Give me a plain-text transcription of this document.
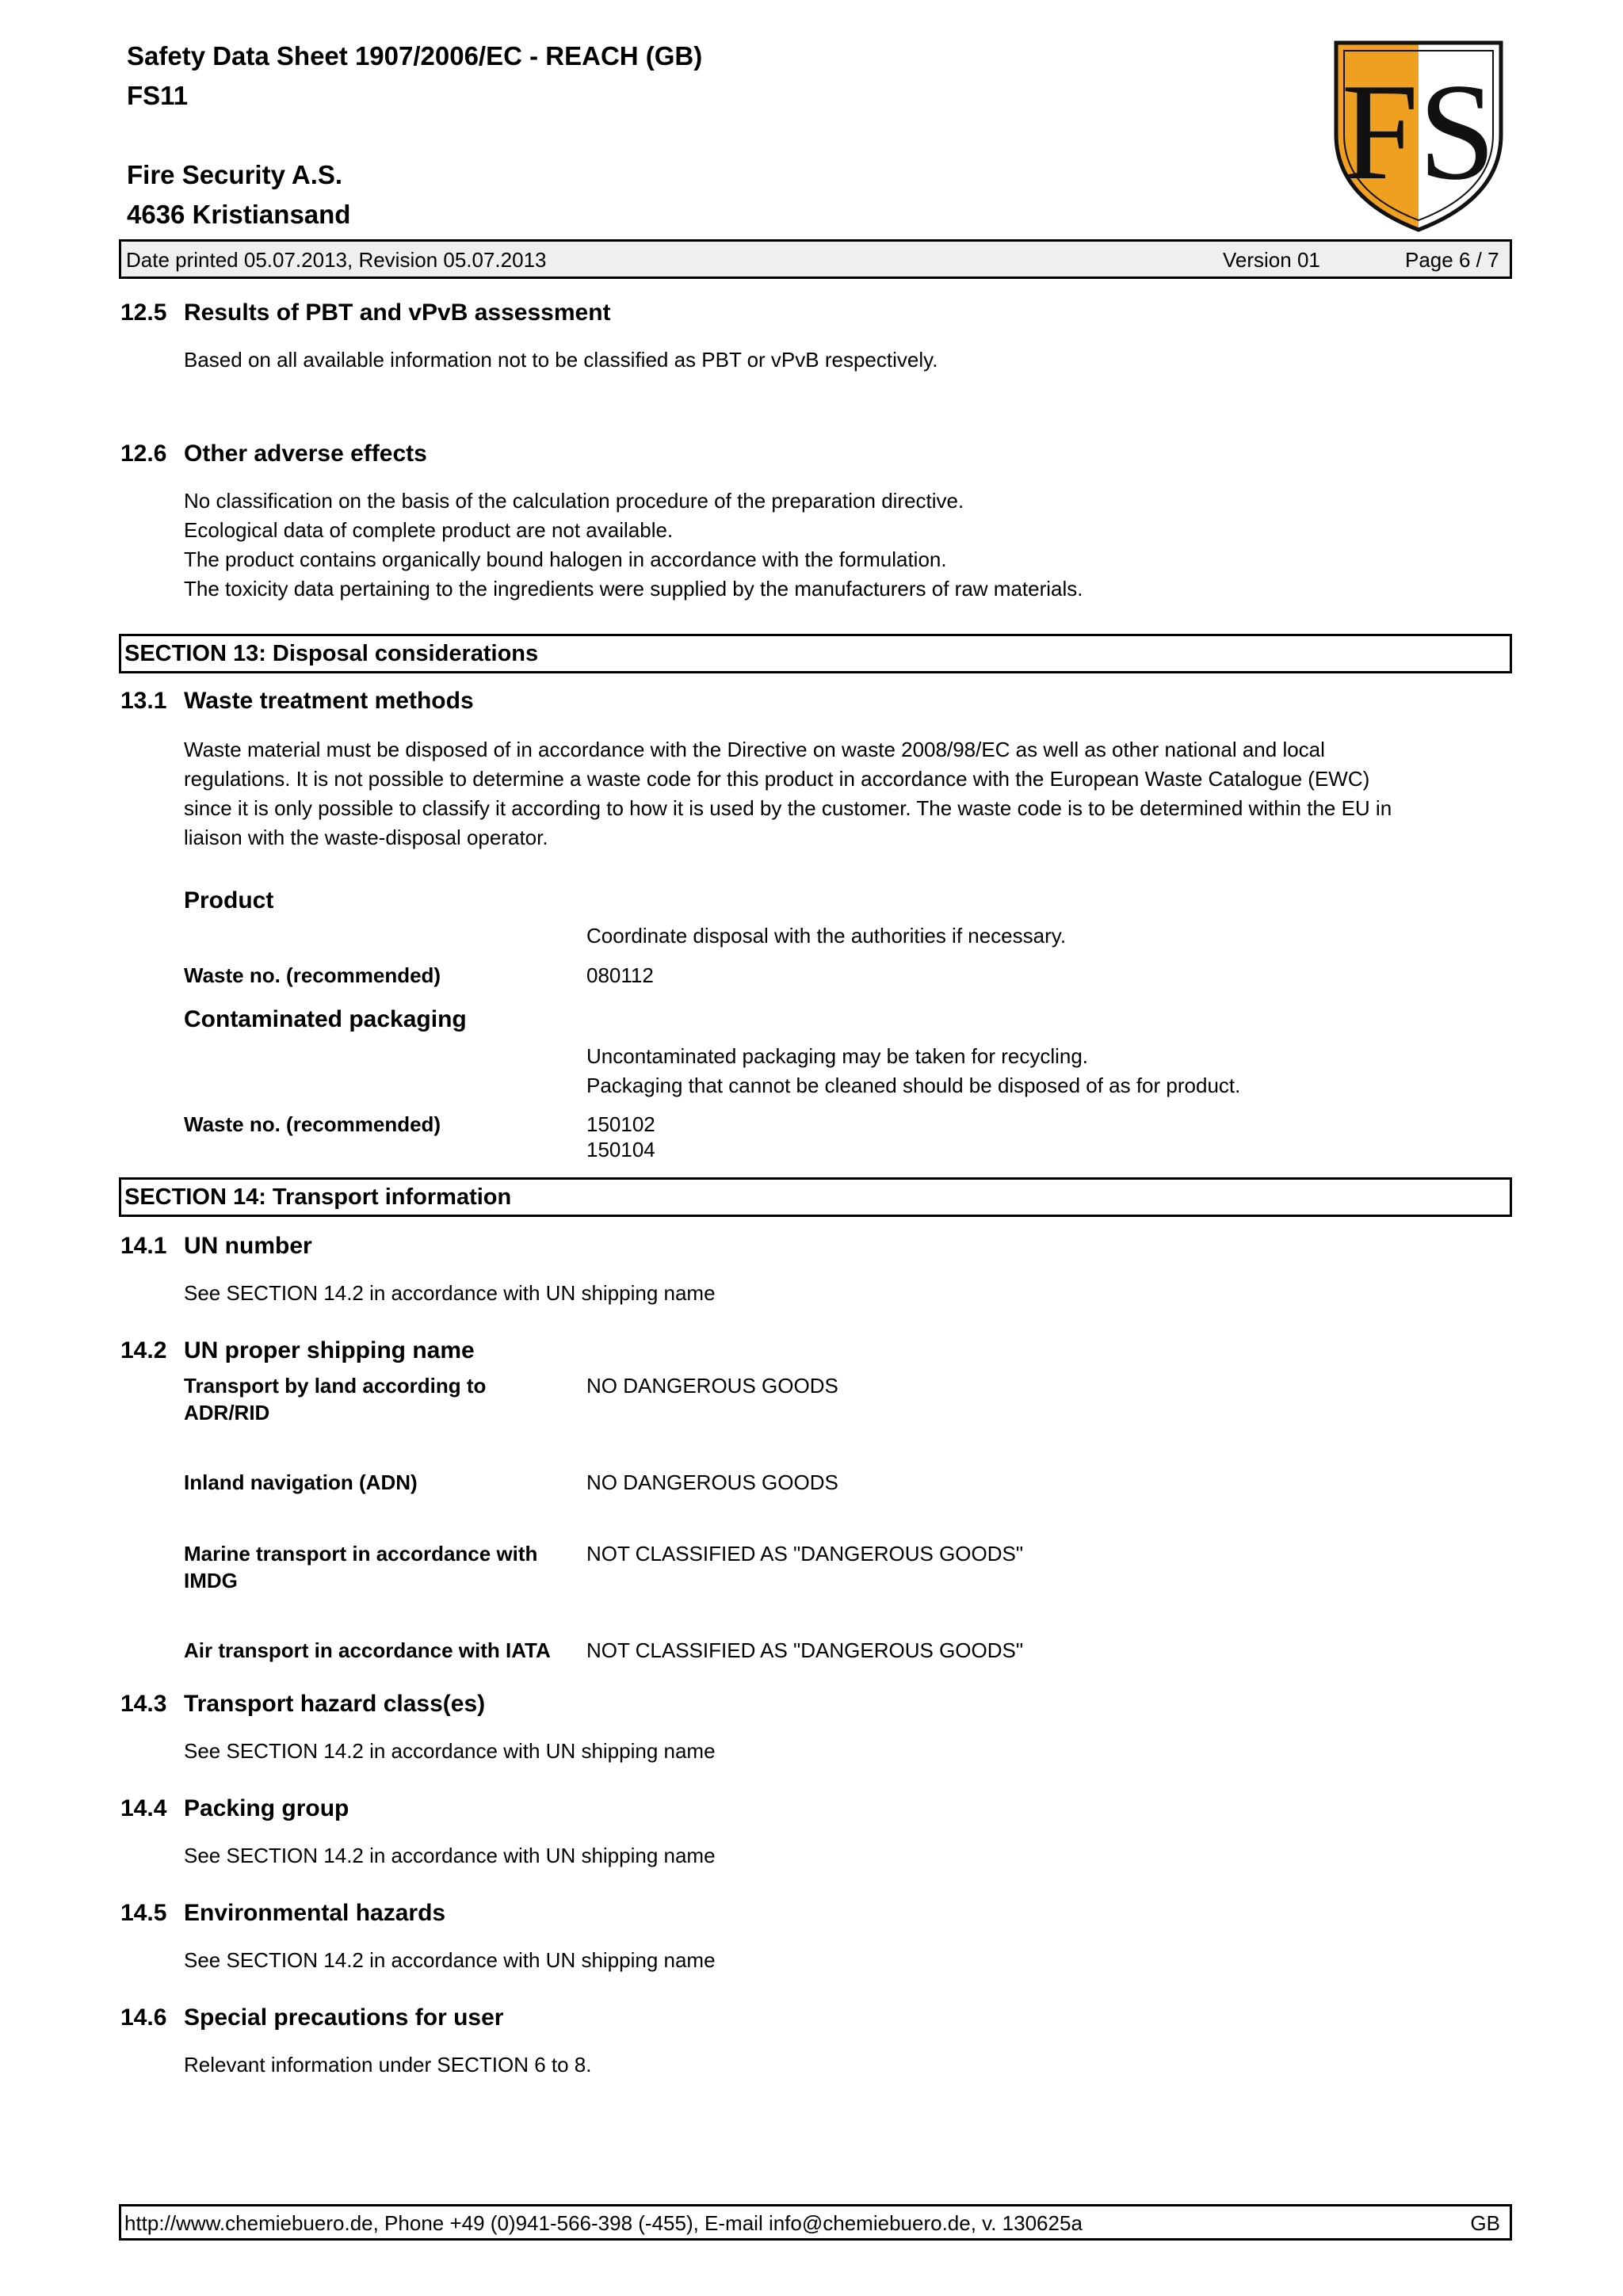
Safety Data Sheet 1907/2006/EC - REACH (GB)
FS11
Fire Security A.S.
4636 Kristiansand
FS
Date printed 05.07.2013, Revision 05.07.2013	Version 01	Page 6 / 7
12.5 Results of PBT and vPvB assessment
Based on all available information not to be classified as PBT or vPvB respectively.
12.6 Other adverse effects
No classification on the basis of the calculation procedure of the preparation directive.
Ecological data of complete product are not available.
The product contains organically bound halogen in accordance with the formulation.
The toxicity data pertaining to the ingredients were supplied by the manufacturers of raw materials.
SECTION 13: Disposal considerations
13.1 Waste treatment methods
Waste material must be disposed of in accordance with the Directive on waste 2008/98/EC as well as other national and local
regulations. It is not possible to determine a waste code for this product in accordance with the European Waste Catalogue (EWC)
since it is only possible to classify it according to how it is used by the customer. The waste code is to be determined within the EU in
liaison with the waste-disposal operator.
Product
Coordinate disposal with the authorities if necessary.
Waste no. (recommended)	080112
Contaminated packaging
Uncontaminated packaging may be taken for recycling.
Packaging that cannot be cleaned should be disposed of as for product.
Waste no. (recommended)	150102
150104
SECTION 14: Transport information
14.1 UN number
See SECTION 14.2 in accordance with UN shipping name
14.2 UN proper shipping name
Transport by land according to
ADR/RID
NO DANGEROUS GOODS
Inland navigation (ADN)	NO DANGEROUS GOODS
Marine transport in accordance with
IMDG
NOT CLASSIFIED AS "DANGEROUS GOODS"
Air transport in accordance with IATA NOT CLASSIFIED AS "DANGEROUS GOODS"
14.3 Transport hazard class(es)
See SECTION 14.2 in accordance with UN shipping name
14.4 Packing group
See SECTION 14.2 in accordance with UN shipping name
14.5 Environmental hazards
See SECTION 14.2 in accordance with UN shipping name
14.6 Special precautions for user
Relevant information under SECTION 6 to 8.
http://www.chemiebuero.de, Phone +49 (0)941-566-398 (-455), E-mail info@chemiebuero.de, v. 130625a	GB
